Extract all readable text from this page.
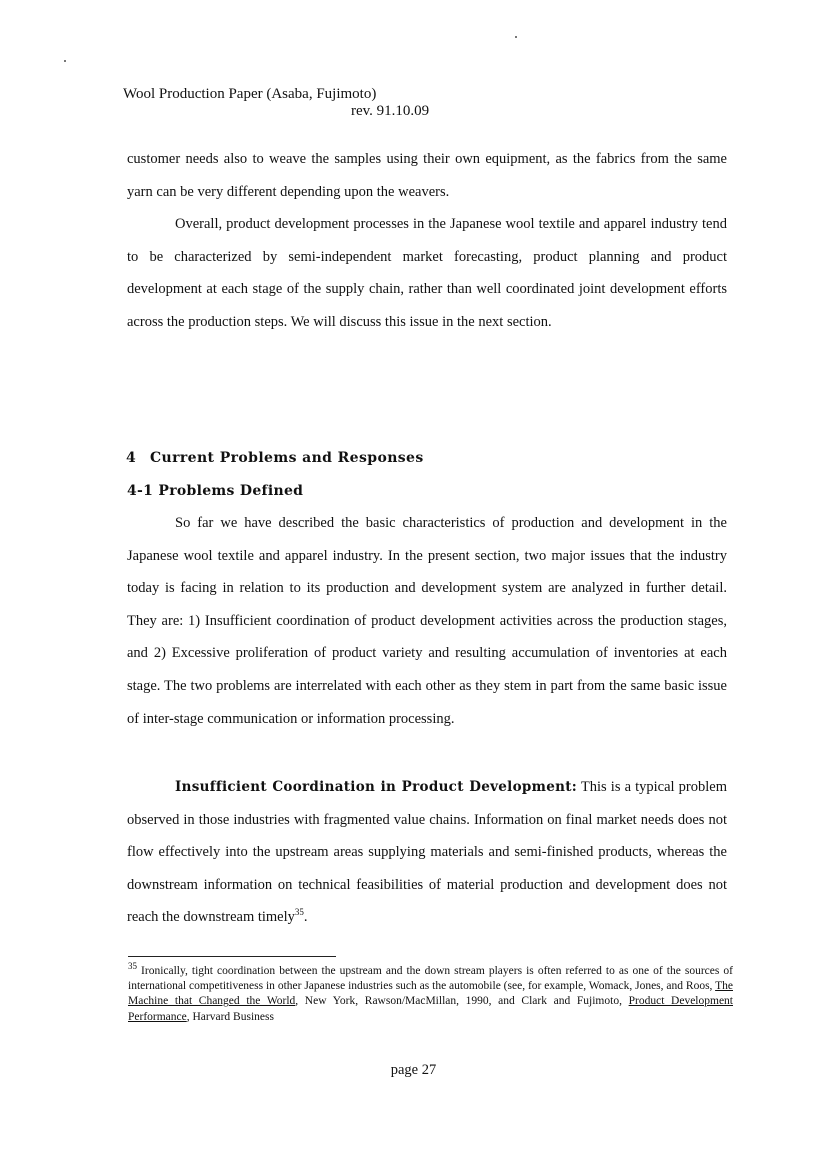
Wool Production Paper (Asaba, Fujimoto)
rev. 91.10.09

customer needs also to weave the samples using their own equipment, as the fabrics from the same yarn can be very different depending upon the weavers.

Overall, product development processes in the Japanese wool textile and apparel industry tend to be characterized by semi-independent market forecasting, product planning and product development at each stage of the supply chain, rather than well coordinated joint development efforts across the production steps. We will discuss this issue in the next section.

4 Current Problems and Responses
4-1 Problems Defined

So far we have described the basic characteristics of production and development in the Japanese wool textile and apparel industry. In the present section, two major issues that the industry today is facing in relation to its production and development system are analyzed in further detail. They are: 1) Insufficient coordination of product development activities across the production stages, and 2) Excessive proliferation of product variety and resulting accumulation of inventories at each stage. The two problems are interrelated with each other as they stem in part from the same basic issue of inter-stage communication or information processing.

Insufficient Coordination in Product Development: This is a typical problem observed in those industries with fragmented value chains. Information on final market needs does not flow effectively into the upstream areas supplying materials and semi-finished products, whereas the downstream information on technical feasibilities of material production and development does not reach the downstream timely$^{35}$.

$^{35}$ Ironically, tight coordination between the upstream and the down stream players is often referred to as one of the sources of international competitiveness in other Japanese industries such as the automobile (see, for example, Womack, Jones, and Roos, The Machine that Changed the World, New York, Rawson/MacMillan, 1990, and Clark and Fujimoto, Product Development Performance, Harvard Business

page 27
